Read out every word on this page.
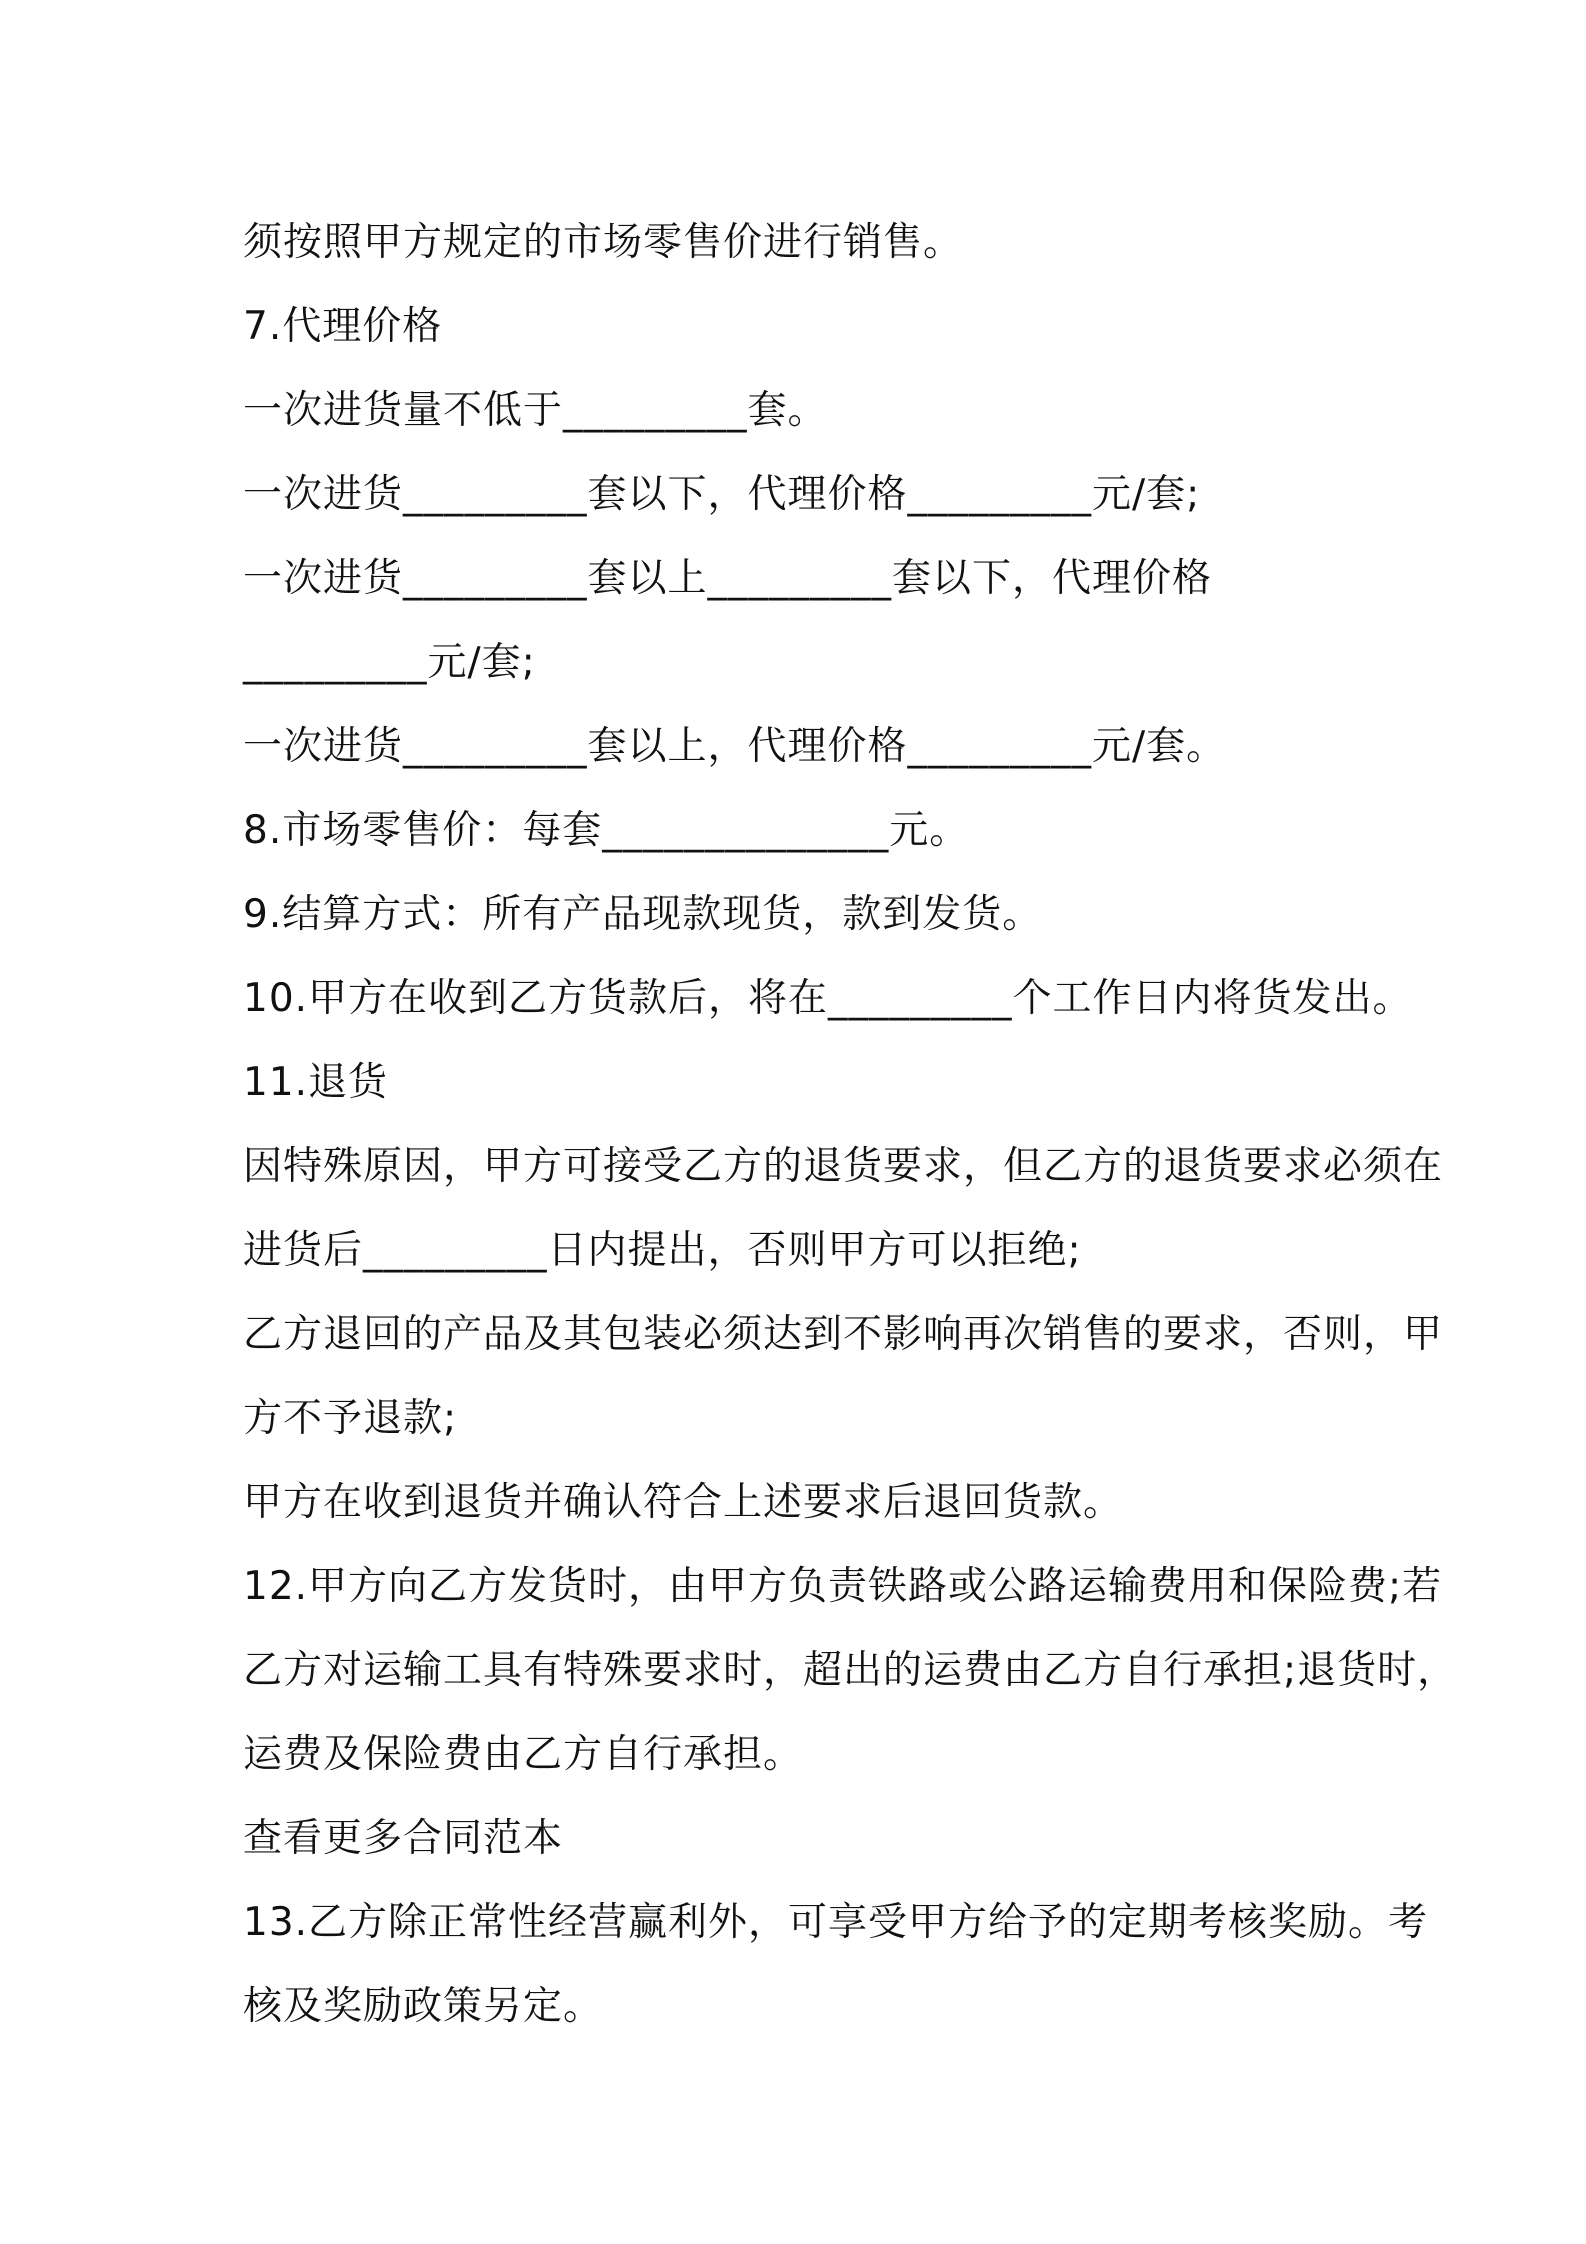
须按照甲方规定的市场零售价进行销售。
7.代理价格
一次进货量不低于_________套。
一次进货_________套以下，代理价格_________元/套;
一次进货_________套以上_________套以下，代理价格
_________元/套;
一次进货_________套以上，代理价格_________元/套。
8.市场零售价：每套______________元。
9.结算方式：所有产品现款现货，款到发货。
10.甲方在收到乙方货款后，将在_________个工作日内将货发出。
11.退货
因特殊原因，甲方可接受乙方的退货要求，但乙方的退货要求必须在
进货后_________日内提出，否则甲方可以拒绝;
乙方退回的产品及其包装必须达到不影响再次销售的要求，否则，甲
方不予退款;
甲方在收到退货并确认符合上述要求后退回货款。
12.甲方向乙方发货时，由甲方负责铁路或公路运输费用和保险费;若
乙方对运输工具有特殊要求时，超出的运费由乙方自行承担;退货时，
运费及保险费由乙方自行承担。
查看更多合同范本
13.乙方除正常性经营赢利外，可享受甲方给予的定期考核奖励。考
核及奖励政策另定。
